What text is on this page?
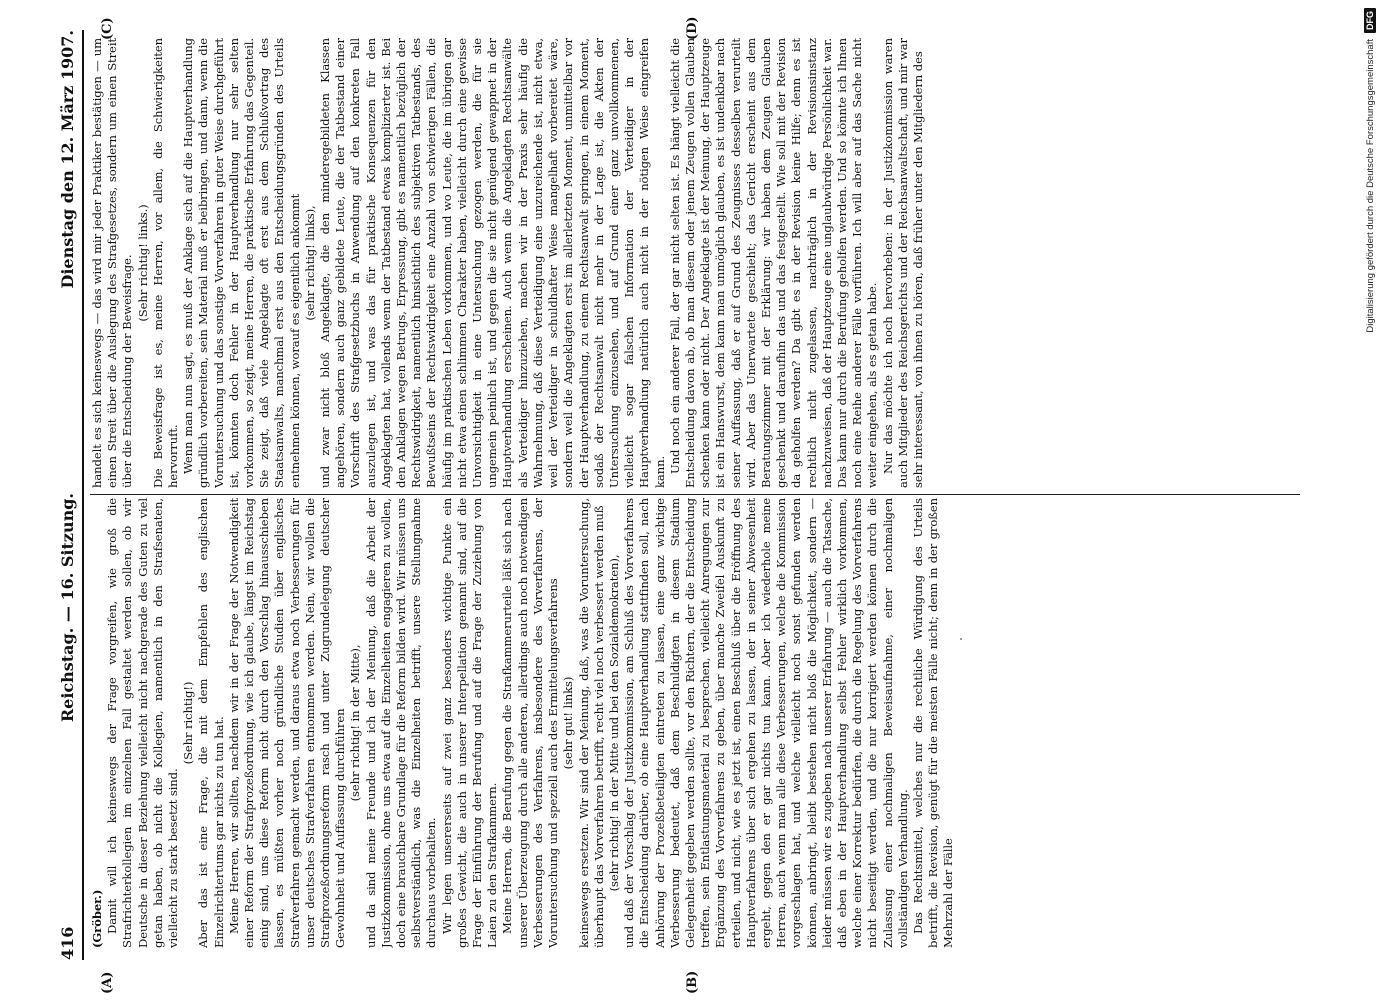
416
Reichstag. — 16. Sitzung.
Dienstag den 12. März 1907.
(A)	(B)
(C)	(D)

(Gröber.) Damit will ich keineswegs der Frage vorgreifen, wie groß die Strafrichterkollegien im einzelnen Fall gestaltet werden sollen, ob wir Deutsche in dieser Beziehung vielleicht nicht nachgerade des Guten zu viel getan haben, ob nicht die Kollegien, namentlich in den Strafsenaten, vielleicht zu stark besetzt sind.

(Sehr richtig!) Aber das ist eine Frage, die mit dem Empfehlen des englischen Einzelrichtertums gar nichts zu tun hat. Meine Herren, wir sollten, nachdem wir in der Frage der Notwendigkeit einer Reform der Strafprozeßordnung, wie ich glaube, längst im Reichstag einig sind, uns diese Reform nicht durch den Vorschlag hinausschieben lassen, es müßten vorher noch gründliche Studien über englisches Strafverfahren gemacht werden, und daraus etwa noch Verbesserungen für unser deutsches Strafverfahren entnommen werden. Nein, wir wollen die Strafprozeßordnungsreform rasch und unter Zugrundelegung deutscher Gewohnheit und Auffassung durchführen (sehr richtig! in der Mitte), und da sind meine Freunde und ich der Meinung, daß die Arbeit der Justizkommission, ohne uns etwa auf die Einzelheiten engagieren zu wollen, doch eine brauchbare Grundlage für die Reform bilden wird. Wir müssen uns selbstverständlich, was die Einzelheiten betrifft, unsere Stellungnahme durchaus vorbehalten. Wir legen unsererseits auf zwei ganz besonders wichtige Punkte ein großes Gewicht, die auch in unserer Interpellation genannt sind, auf die Frage der Einführung der Berufung und auf die Frage der Zuziehung von Laien zu den Strafkammern. Meine Herren, die Berufung gegen die Strafkammerurteile läßt sich nach unserer Überzeugung durch alle anderen, allerdings auch noch notwendigen Verbesserungen des Verfahrens, insbesondere des Vorverfahrens, der Voruntersuchung und speziell auch des Ermittelungsverfahrens (sehr gut! links) keineswegs ersetzen. Wir sind der Meinung, daß, was die Voruntersuchung, überhaupt das Vorverfahren betrifft, recht viel noch verbessert werden muß (sehr richtig! in der Mitte und bei den Sozialdemokraten), und daß der Vorschlag der Justizkommission, am Schluß des Vorverfahrens die Entscheidung darüber, ob eine Hauptverhandlung stattfinden soll, nach Anhörung der Prozeßbeteiligten eintreten zu lassen, eine ganz wichtige Verbesserung bedeutet, daß dem Beschuldigten in diesem Stadium Gelegenheit gegeben werden sollte, vor den Richtern, der die Entscheidung treffen, sein Entlastungsmaterial zu besprechen, vielleicht Anregungen zur Ergänzung des Vorverfahrens zu geben, über manche Zweifel Auskunft zu erteilen, und nicht, wie es jetzt ist, einen Beschluß über die Eröffnung des Hauptverfahrens über sich ergehen zu lassen, der in seiner Abwesenheit ergeht, gegen den er gar nichts tun kann. Aber ich wiederhole meine Herren, auch wenn man alle diese Verbesserungen, welche die Kommission vorgeschlagen hat, und welche vielleicht noch sonst gefunden werden können, anbringt, bleibt bestehen nicht bloß die Möglichkeit, sondern — leider müssen wir es zugeben nach unserer Erfahrung — auch die Tatsache, daß eben in der Hauptverhandlung selbst Fehler wirklich vorkommen, welche einer Korrektur bedürfen, die durch die Regelung des Vorverfahrens nicht beseitigt werden, und die nur korrigiert werden können durch die Zulassung einer nochmaligen Beweisaufnahme, einer nochmaligen vollständigen Verhandlung. Das Rechtsmittel, welches nur die rechtliche Würdigung des Urteils betrifft, die Revision, genügt für die meisten Fälle nicht; denn in der großen Mehrzahl der Fälle

handelt es sich keineswegs — das wird mir jeder Praktiker bestätigen — um einen Streit über die Auslegung des Strafgesetzes, sondern um einen Streit über die Entscheidung der Beweisfrage. (Sehr richtig! links.) Die Beweisfrage ist es, meine Herren, vor allem, die Schwierigkeiten hervorruft. Wenn man nun sagt, es muß der Anklage sich auf die Hauptverhandlung gründlich vorbereiten, sein Material muß er beibringen, und dann, wenn die Voruntersuchung und das sonstige Vorverfahren in guter Weise durchgeführt ist, könnten doch Fehler in der Hauptverhandlung nur sehr selten vorkommen, so zeigt, meine Herren, die praktische Erfahrung das Gegenteil. Sie zeigt, daß viele Angeklagte oft erst aus dem Schlußvortrag des Staatsanwalts, manchmal erst aus den Entscheidungsgründen des Urteils entnehmen können, worauf es eigentlich ankommt (sehr richtig! links), und zwar nicht bloß Angeklagte, die den minderegebildeten Klassen angehören, sondern auch ganz gebildete Leute, die der Tatbestand einer Vorschrift des Strafgesetzbuchs in Anwendung auf den konkreten Fall auszulegen ist, und was das für praktische Konsequenzen für den Angeklagten hat, vollends wenn der Tatbestand etwas komplizierter ist. Bei den Anklagen wegen Betrugs, Erpressung, gibt es namentlich bezüglich der Rechtswidrigkeit, namentlich hinsichtlich des subjektiven Tatbestands, des Bewußtseins der Rechtswidrigkeit eine Anzahl von schwierigen Fällen, die häufig im praktischen Leben vorkommen, und wo Leute, die im übrigen gar nicht etwa einen schlimmen Charakter haben, vielleicht durch eine gewisse Unvorsichtigkeit in eine Untersuchung gezogen werden, die für sie ungemein peinlich ist, und gegen die sie nicht genügend gewappnet in der Hauptverhandlung erscheinen. Auch wenn die Angeklagten Rechtsanwälte als Verteidiger hinzuziehen, machen wir in der Praxis sehr häufig die Wahrnehmung, daß diese Verteidigung eine unzureichende ist, nicht etwa, weil der Verteidiger in schuldhafter Weise mangelhaft vorbereitet wäre, sondern weil die Angeklagten erst im allerletzten Moment, unmittelbar vor der Hauptverhandlung, zu einem Rechtsanwalt springen, in einem Moment, sodaß der Rechtsanwalt nicht mehr in der Lage ist, die Akten der Untersuchung einzusehen, und auf Grund einer ganz unvollkommenen, vielleicht sogar falschen Information der Verteidiger in der Hauptverhandlung natürlich auch nicht in der nötigen Weise eingreifen kann. Und noch ein anderer Fall, der gar nicht selten ist. Es hängt vielleicht die Entscheidung davon ab, ob man diesem oder jenem Zeugen vollen Glauben schenken kann oder nicht. Der Angeklagte ist der Meinung, der Hauptzeuge ist ein Hanswurst, dem kann man unmöglich glauben, es ist undenkbar nach seiner Auffassung, daß er auf Grund des Zeugnisses desselben verurteilt wird. Aber das Unerwartete geschieht; das Gericht erscheint aus dem Beratungszimmer mit der Erklärung: wir haben dem Zeugen Glauben geschenkt und daraufhin das und das festgestellt. Wie soll mit der Revision da geholfen werden? Da gibt es in der Revision keine Hilfe; denn es ist rechtlich nicht zugelassen, nachträglich in der Revisionsinstanz nachzuweisen, daß der Hauptzeuge eine unglaubwürdige Persönlichkeit war. Das kann nur durch die Berufung geholfen werden. Und so könnte ich Ihnen noch eine Reihe anderer Fälle vorführen. Ich will aber auf das Sache nicht weiter eingehen, als es getan habe. Nur das möchte ich noch hervorheben: in der Justizkommission waren auch Mitglieder des Reichsgerichts und der Reichsanwaltschaft, und mir war sehr interessant, von ihnen zu hören, daß früher unter den Mitgliedern des	Digitalisierung gefördert durch die Deutsche Forschungsgemeinschaft
DFG
